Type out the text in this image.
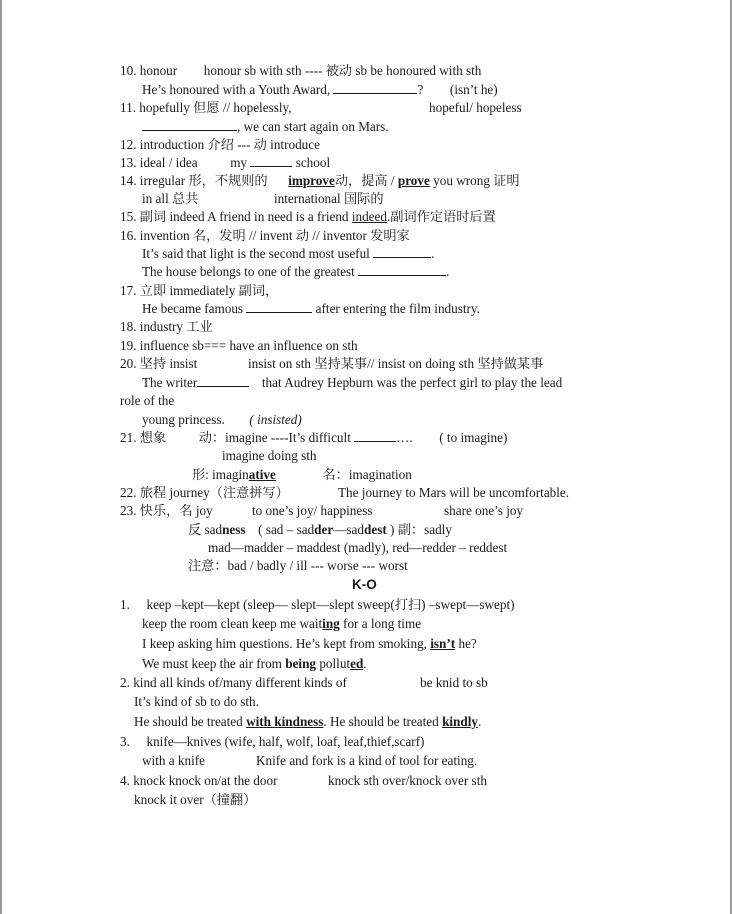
10. honour honour sb with sth ---- 被动 sb be honoured with sth
He’s honoured with a Youth Award,	? (isn’t he)
11. hopefully 但愿 // hopelessly,	hopeful/ hopeless
, we can start again on Mars.
12. introduction 介绍 --- 动 introduce
13. ideal / idea my	school
14. irregular 形，不规则的 improve动，提高 / prove you wrong 证明
in all 总共	international 国际的
15. 副词 indeed A friend in need is a friend indeed.副词作定语时后置
16. invention 名，发明 // invent 动 // inventor 发明家
It’s said that light is the second most useful	.
The house belongs to one of the greatest	.
17. 立即 immediately 副词，
He became famous	after entering the film industry.
18. industry 工业
19. influence sb=== have an influence on sth
20. 坚持 insist	insist on sth 坚持某事// insist on doing sth 坚持做某事
The writer	that Audrey Hepburn was the perfect girl to play the lead
role of the
young princess. ( insisted)
21. 想象 动：imagine ----It’s difficult	…. ( to imagine)
imagine doing sth
形: imaginative	名：imagination
22. 旅程 journey（注意拼写）	The journey to Mars will be uncomfortable.
23. 快乐，名 joy	to one’s joy/ happiness	share one’s joy
反 sadness ( sad – sadder—saddest ) 副：sadly
mad—madder – maddest (madly), red—redder – reddest
注意：bad / badly / ill --- worse --- worst
K-O
1. keep –kept—kept (sleep— slept—slept sweep(打扫) –swept—swept)
keep the room clean keep me waiting for a long time
I keep asking him questions. He’s kept from smoking, isn’t he?
We must keep the air from being polluted.
2. kind all kinds of/many different kinds of	be knid to sb
It’s kind of sb to do sth.
He should be treated with kindness. He should be treated kindly.
3. knife—knives (wife, half, wolf, loaf, leaf,thief,scarf)
with a knife	Knife and fork is a kind of tool for eating.
4. knock knock on/at the door	knock sth over/knock over sth
knock it over（撞翻）
